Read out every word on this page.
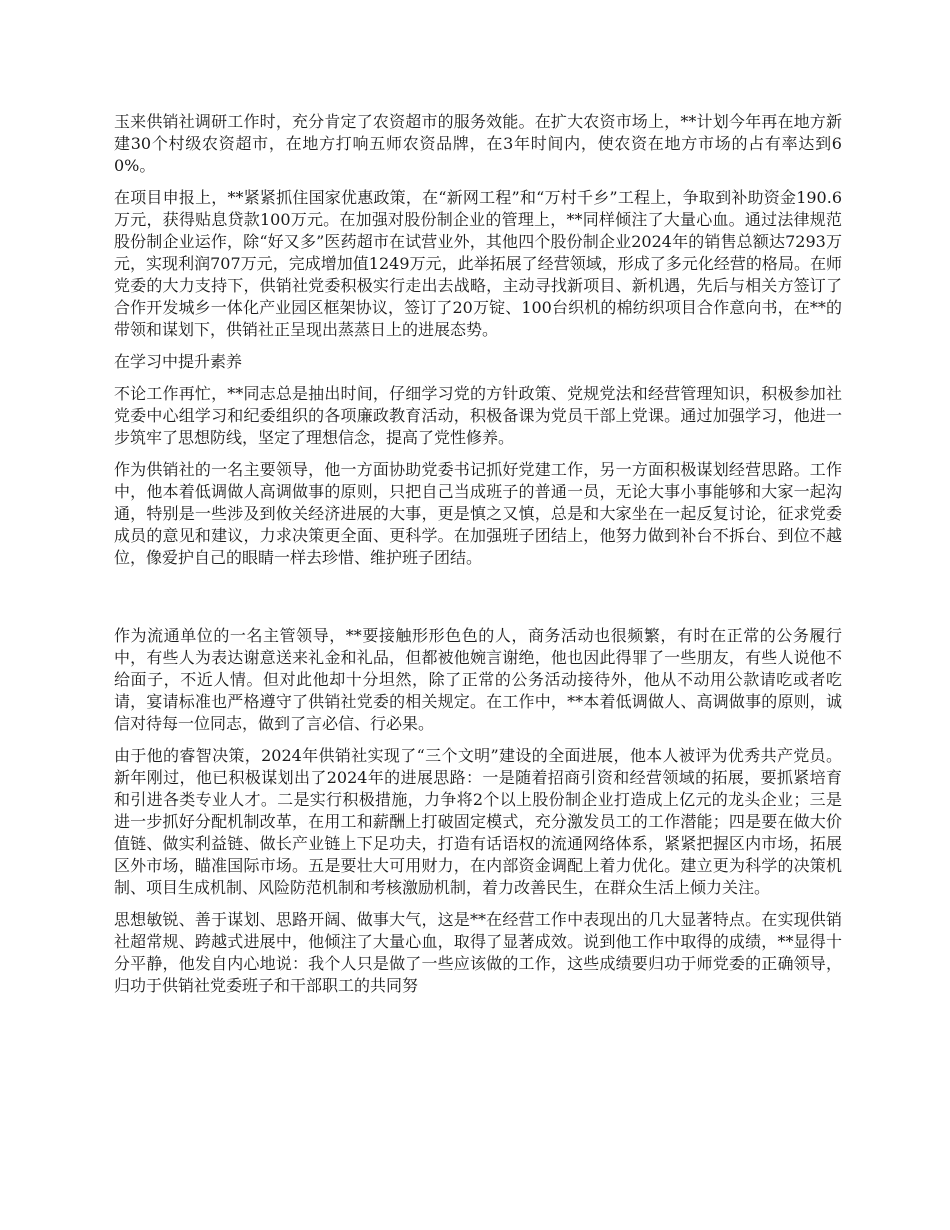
玉来供销社调研工作时，充分肯定了农资超市的服务效能。在扩大农资市场上，**计划今年再在地方新建30个村级农资超市，在地方打响五师农资品牌，在3年时间内，使农资在地方市场的占有率达到60%。

在项目申报上，**紧紧抓住国家优惠政策，在“新网工程”和“万村千乡”工程上，争取到补助资金190.6万元，获得贴息贷款100万元。在加强对股份制企业的管理上，**同样倾注了大量心血。通过法律规范股份制企业运作，除“好又多”医药超市在试营业外，其他四个股份制企业2024年的销售总额达7293万元，实现利润707万元，完成增加值1249万元，此举拓展了经营领域，形成了多元化经营的格局。在师党委的大力支持下，供销社党委积极实行走出去战略，主动寻找新项目、新机遇，先后与相关方签订了合作开发城乡一体化产业园区框架协议，签订了20万锭、100台织机的棉纺织项目合作意向书，在**的带领和谋划下，供销社正呈现出蒸蒸日上的进展态势。

在学习中提升素养

不论工作再忙，**同志总是抽出时间，仔细学习党的方针政策、党规党法和经营管理知识，积极参加社党委中心组学习和纪委组织的各项廉政教育活动，积极备课为党员干部上党课。通过加强学习，他进一步筑牢了思想防线，坚定了理想信念，提高了党性修养。

作为供销社的一名主要领导，他一方面协助党委书记抓好党建工作，另一方面积极谋划经营思路。工作中，他本着低调做人高调做事的原则，只把自己当成班子的普通一员，无论大事小事能够和大家一起沟通，特别是一些涉及到攸关经济进展的大事，更是慎之又慎，总是和大家坐在一起反复讨论，征求党委成员的意见和建议，力求决策更全面、更科学。在加强班子团结上，他努力做到补台不拆台、到位不越位，像爱护自己的眼睛一样去珍惜、维护班子团结。

作为流通单位的一名主管领导，**要接触形形色色的人，商务活动也很频繁，有时在正常的公务履行中，有些人为表达谢意送来礼金和礼品，但都被他婉言谢绝，他也因此得罪了一些朋友，有些人说他不给面子，不近人情。但对此他却十分坦然，除了正常的公务活动接待外，他从不动用公款请吃或者吃请，宴请标准也严格遵守了供销社党委的相关规定。在工作中，**本着低调做人、高调做事的原则，诚信对待每一位同志，做到了言必信、行必果。

由于他的睿智决策，2024年供销社实现了“三个文明”建设的全面进展，他本人被评为优秀共产党员。新年刚过，他已积极谋划出了2024年的进展思路：一是随着招商引资和经营领域的拓展，要抓紧培育和引进各类专业人才。二是实行积极措施，力争将2个以上股份制企业打造成上亿元的龙头企业；三是进一步抓好分配机制改革，在用工和薪酬上打破固定模式，充分激发员工的工作潜能；四是要在做大价值链、做实利益链、做长产业链上下足功夫，打造有话语权的流通网络体系，紧紧把握区内市场，拓展区外市场，瞄准国际市场。五是要壮大可用财力，在内部资金调配上着力优化。建立更为科学的决策机制、项目生成机制、风险防范机制和考核激励机制，着力改善民生，在群众生活上倾力关注。

思想敏锐、善于谋划、思路开阔、做事大气，这是**在经营工作中表现出的几大显著特点。在实现供销社超常规、跨越式进展中，他倾注了大量心血，取得了显著成效。说到他工作中取得的成绩，**显得十分平静，他发自内心地说：我个人只是做了一些应该做的工作，这些成绩要归功于师党委的正确领导，归功于供销社党委班子和干部职工的共同努
